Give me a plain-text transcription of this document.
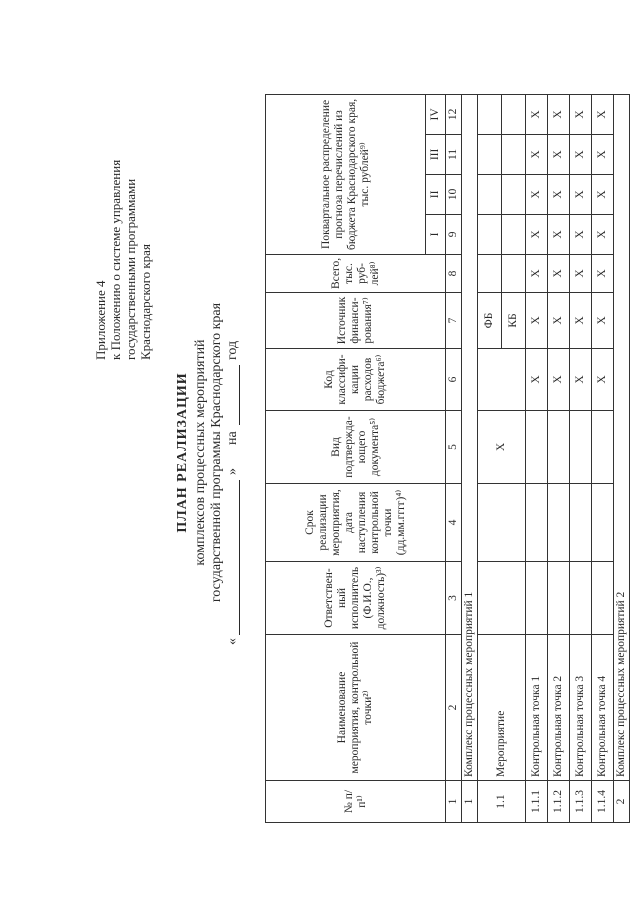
Приложение 4 к Положению о системе управления государственными программами Краснодарского края
ПЛАН РЕАЛИЗАЦИИ комплексов процессных мероприятий государственной программы Краснодарского края
«
»
на
год
№ п/п¹⁾	Наименование мероприятия, контрольной точки²⁾	Ответствен-ный исполнитель (Ф.И.О., должность)³⁾	Срок реализации мероприятия, дата наступления контрольной точки (дд.мм.гггг)⁴⁾	Вид подтвержда-ющего документа⁵⁾	Код классифи-кации расходов бюджета⁶⁾	Источник финанси-рования⁷⁾	Всего, тыс. руб-лей⁸⁾	Поквартальное распределение прогноза перечислений из бюджета Краснодарского края, тыс. рублей⁹⁾			
								I	II	III	IV
1	2	3	4	5	6	7	8	9	10	11	12
1	Комплекс процессных мероприятий 1										
1.1	Мероприятие			X		ФБ					
						КБ					
1.1.1	Контрольная точка 1				X	X	X	X	X	X	X
1.1.2	Контрольная точка 2				X	X	X	X	X	X	X
1.1.3	Контрольная точка 3				X	X	X	X	X	X	X
1.1.4	Контрольная точка 4				X	X	X	X	X	X	X
2	Комплекс процессных мероприятий 2										
